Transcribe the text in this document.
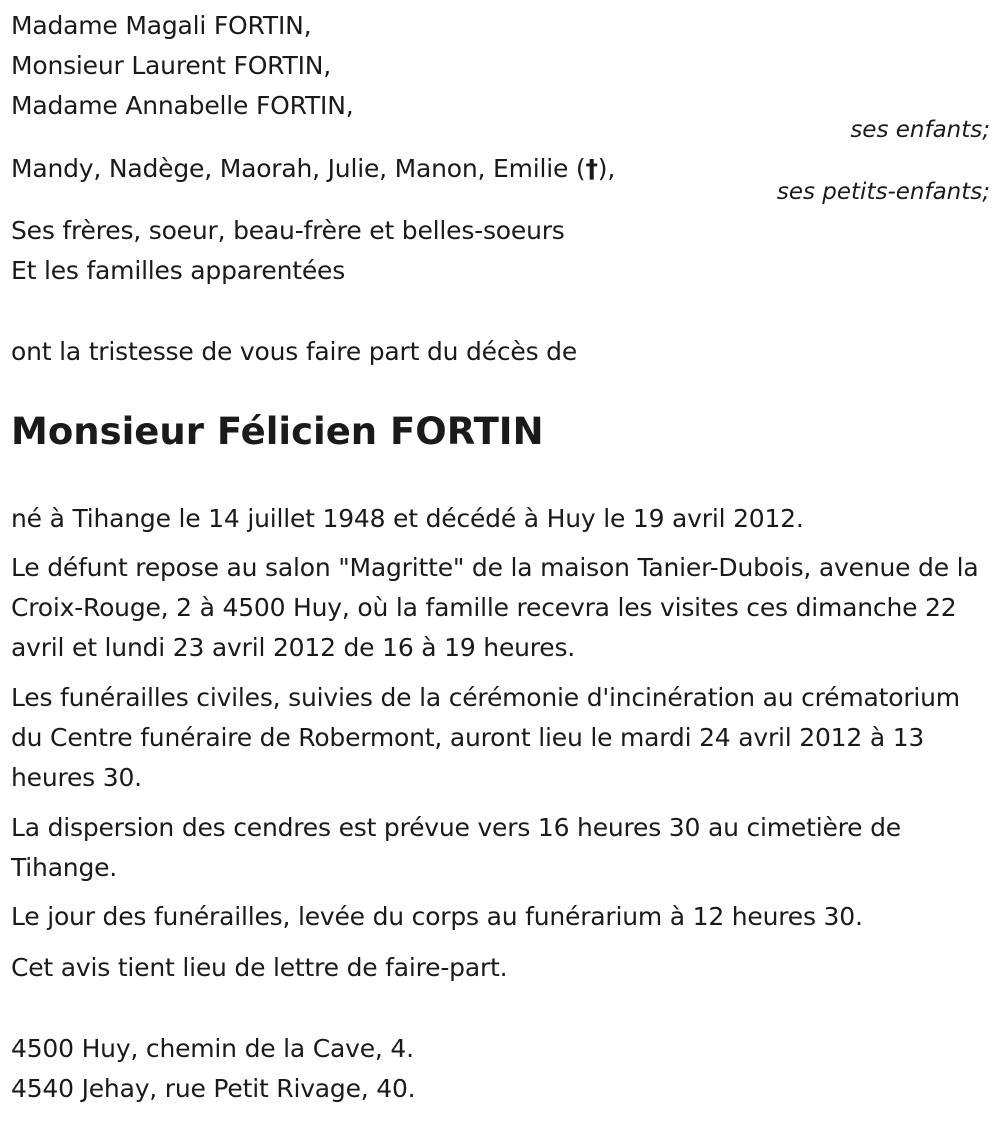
Madame Magali FORTIN,
Monsieur Laurent FORTIN,
Madame Annabelle FORTIN,
ses enfants;
Mandy, Nadège, Maorah, Julie, Manon, Emilie (†),
ses petits-enfants;
Ses frères, soeur, beau-frère et belles-soeurs
Et les familles apparentées
ont la tristesse de vous faire part du décès de
Monsieur Félicien FORTIN
né à Tihange le 14 juillet 1948 et décédé à Huy le 19 avril 2012.
Le défunt repose au salon "Magritte" de la maison Tanier-Dubois, avenue de la Croix-Rouge, 2 à 4500 Huy, où la famille recevra les visites ces dimanche 22 avril et lundi 23 avril 2012 de 16 à 19 heures.
Les funérailles civiles, suivies de la cérémonie d'incinération au crématorium du Centre funéraire de Robermont, auront lieu le mardi 24 avril 2012 à 13 heures 30.
La dispersion des cendres est prévue vers 16 heures 30 au cimetière de Tihange.
Le jour des funérailles, levée du corps au funérarium à 12 heures 30.
Cet avis tient lieu de lettre de faire-part.
4500 Huy, chemin de la Cave, 4.
4540 Jehay, rue Petit Rivage, 40.
